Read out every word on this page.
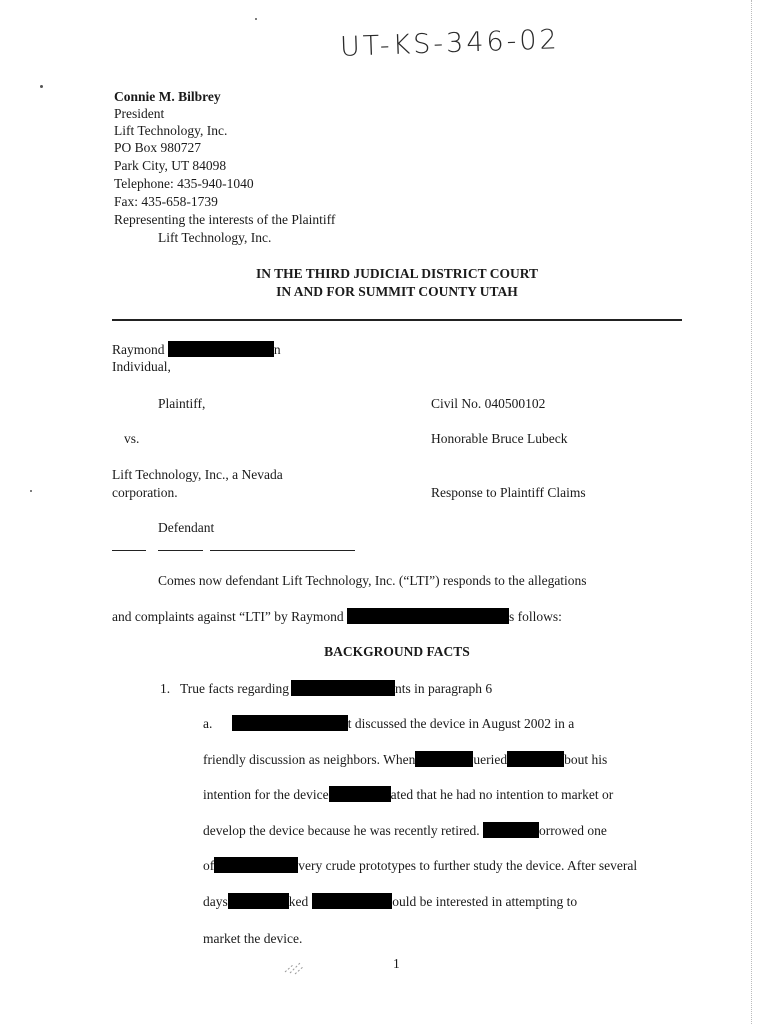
UT-KS-346-02
Connie M. Bilbrey
President
Lift Technology, Inc.
PO Box 980727
Park City, UT 84098
Telephone: 435-940-1040
Fax: 435-658-1739
Representing the interests of the Plaintiff
Lift Technology, Inc.
IN THE THIRD JUDICIAL DISTRICT COURT
IN AND FOR SUMMIT COUNTY UTAH
Raymond	n
Individual,
Plaintiff,
vs.
Lift Technology, Inc., a Nevada
corporation.
Defendant
Civil No. 040500102
Honorable Bruce Lubeck
Response to Plaintiff Claims
Comes now defendant Lift Technology, Inc. (“LTI”) responds to the allegations
and complaints against “LTI” by Raymond	s follows:
BACKGROUND FACTS
1.   True facts regarding	nts in paragraph 6
a.	t discussed the device in August 2002 in a
friendly discussion as neighbors. When	ueried	bout his
intention for the device	ated that he had no intention to market or
develop the device because he was recently retired.	orrowed one
of	very crude prototypes to further study the device. After several
days	ked	ould be interested in attempting to
market the device.
1
